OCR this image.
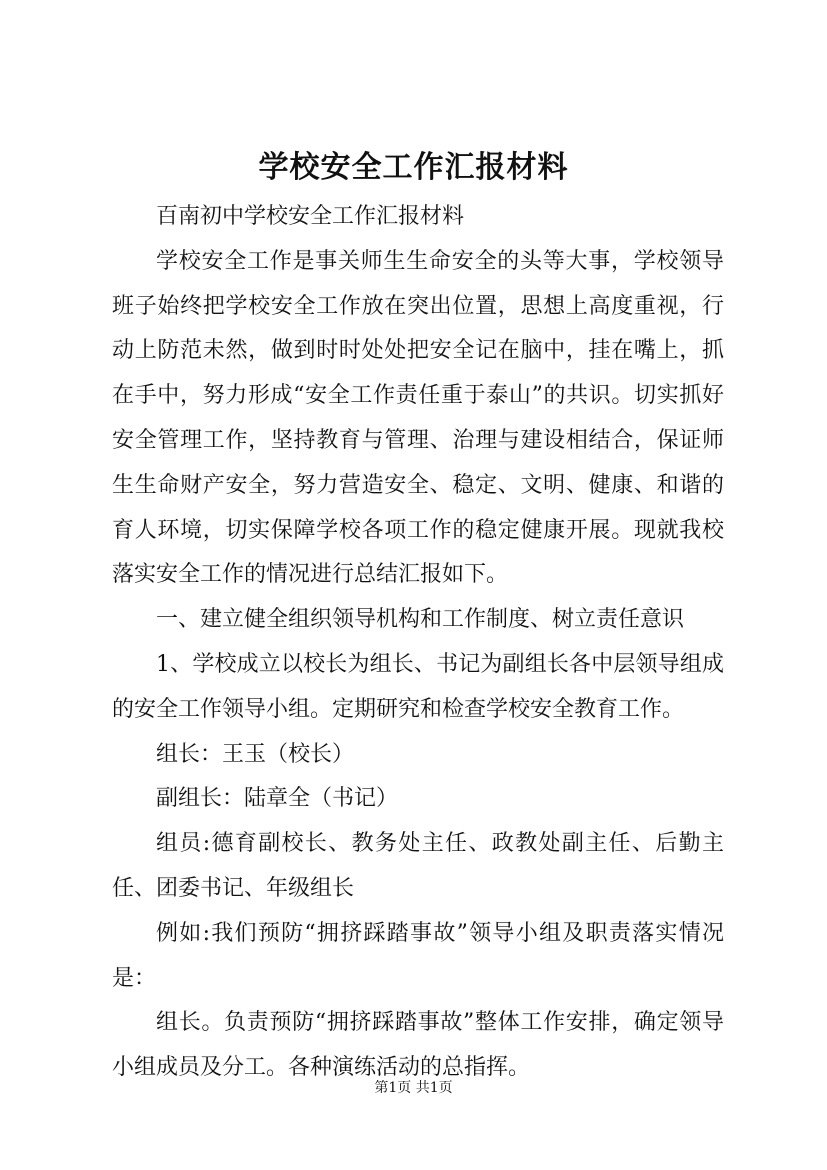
学校安全工作汇报材料

百南初中学校安全工作汇报材料

学校安全工作是事关师生生命安全的头等大事，学校领导班子始终把学校安全工作放在突出位置，思想上高度重视，行动上防范未然，做到时时处处把安全记在脑中，挂在嘴上，抓在手中，努力形成“安全工作责任重于泰山”的共识。切实抓好安全管理工作，坚持教育与管理、治理与建设相结合，保证师生生命财产安全，努力营造安全、稳定、文明、健康、和谐的育人环境，切实保障学校各项工作的稳定健康开展。现就我校落实安全工作的情况进行总结汇报如下。

一、建立健全组织领导机构和工作制度、树立责任意识

1、学校成立以校长为组长、书记为副组长各中层领导组成的安全工作领导小组。定期研究和检查学校安全教育工作。

组长：王玉（校长）

副组长：陆章全（书记）

组员:德育副校长、教务处主任、政教处副主任、后勤主任、团委书记、年级组长

例如:我们预防“拥挤踩踏事故”领导小组及职责落实情况是：

组长。负责预防“拥挤踩踏事故”整体工作安排，确定领导小组成员及分工。各种演练活动的总指挥。

第1页 共1页
